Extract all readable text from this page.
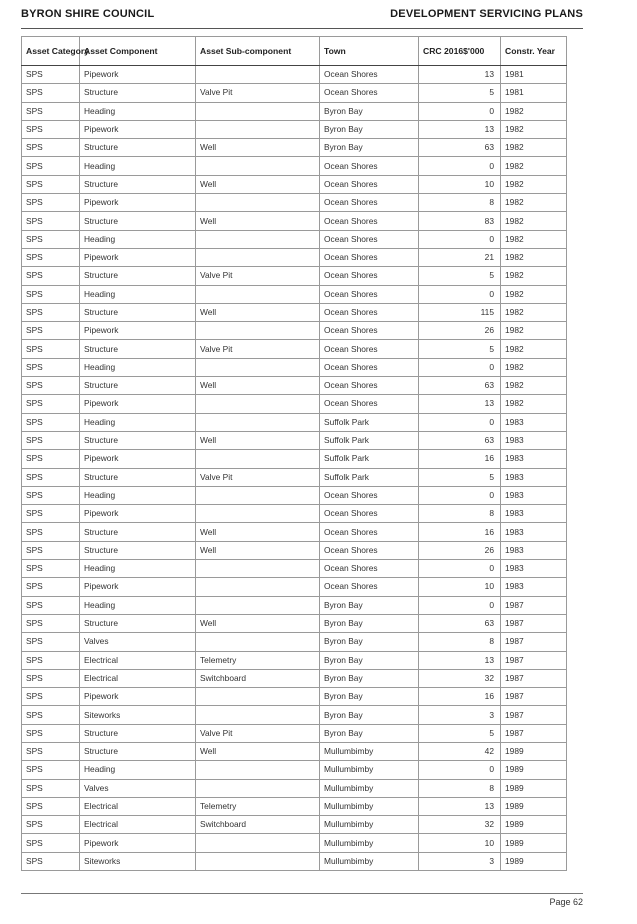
BYRON SHIRE COUNCIL	DEVELOPMENT SERVICING PLANS
Asset Category	Asset Component	Asset Sub-component	Town	CRC 2016$'000	Constr. Year
SPS	Pipework		Ocean Shores	13	1981
SPS	Structure	Valve Pit	Ocean Shores	5	1981
SPS	Heading		Byron Bay	0	1982
SPS	Pipework		Byron Bay	13	1982
SPS	Structure	Well	Byron Bay	63	1982
SPS	Heading		Ocean Shores	0	1982
SPS	Structure	Well	Ocean Shores	10	1982
SPS	Pipework		Ocean Shores	8	1982
SPS	Structure	Well	Ocean Shores	83	1982
SPS	Heading		Ocean Shores	0	1982
SPS	Pipework		Ocean Shores	21	1982
SPS	Structure	Valve Pit	Ocean Shores	5	1982
SPS	Heading		Ocean Shores	0	1982
SPS	Structure	Well	Ocean Shores	115	1982
SPS	Pipework		Ocean Shores	26	1982
SPS	Structure	Valve Pit	Ocean Shores	5	1982
SPS	Heading		Ocean Shores	0	1982
SPS	Structure	Well	Ocean Shores	63	1982
SPS	Pipework		Ocean Shores	13	1982
SPS	Heading		Suffolk Park	0	1983
SPS	Structure	Well	Suffolk Park	63	1983
SPS	Pipework		Suffolk Park	16	1983
SPS	Structure	Valve Pit	Suffolk Park	5	1983
SPS	Heading		Ocean Shores	0	1983
SPS	Pipework		Ocean Shores	8	1983
SPS	Structure	Well	Ocean Shores	16	1983
SPS	Structure	Well	Ocean Shores	26	1983
SPS	Heading		Ocean Shores	0	1983
SPS	Pipework		Ocean Shores	10	1983
SPS	Heading		Byron Bay	0	1987
SPS	Structure	Well	Byron Bay	63	1987
SPS	Valves		Byron Bay	8	1987
SPS	Electrical	Telemetry	Byron Bay	13	1987
SPS	Electrical	Switchboard	Byron Bay	32	1987
SPS	Pipework		Byron Bay	16	1987
SPS	Siteworks		Byron Bay	3	1987
SPS	Structure	Valve Pit	Byron Bay	5	1987
SPS	Structure	Well	Mullumbimby	42	1989
SPS	Heading		Mullumbimby	0	1989
SPS	Valves		Mullumbimby	8	1989
SPS	Electrical	Telemetry	Mullumbimby	13	1989
SPS	Electrical	Switchboard	Mullumbimby	32	1989
SPS	Pipework		Mullumbimby	10	1989
SPS	Siteworks		Mullumbimby	3	1989
Page 62
